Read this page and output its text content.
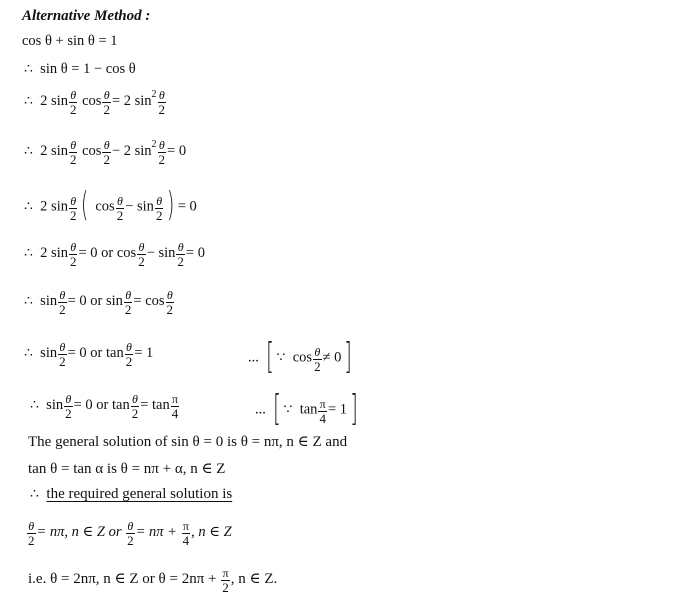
Alternative Method :
cos θ + sin θ = 1
∴ sin θ = 1 − cos θ
∴ 2 $\sin \frac{\theta}{2}$ $\cos \frac{\theta}{2} = 2$ $\sin^2 \frac{\theta}{2}$
∴ 2 $\sin \frac{\theta}{2}$ $\cos \frac{\theta}{2} - 2$ $\sin^2 \frac{\theta}{2} = 0$
∴ 2 $\sin \frac{\theta}{2}$ ( $\cos \frac{\theta}{2} - \sin \frac{\theta}{2}$ ) = 0
∴ 2 $\sin \frac{\theta}{2} = 0$ or $\cos \frac{\theta}{2} - \sin \frac{\theta}{2} = 0$
∴ $\sin \frac{\theta}{2} = 0$ or $\sin \frac{\theta}{2} = \cos \frac{\theta}{2}$
∴ $\sin \frac{\theta}{2} = 0$ or $\tan \frac{\theta}{2} = 1$	... [ ∵ $\cos \frac{\theta}{2} \ne 0$]
∴ $\sin \frac{\theta}{2} = 0$ or $\tan \frac{\theta}{2} = \tan \frac{\pi}{4}$	... [ ∵ $\tan \frac{\pi}{4} = 1$]
The general solution of sin θ = 0 is θ = nπ, n ∈ Z and
tan θ = tan α is θ = nπ + α, n ∈ Z
∴ the required general solution is
$\frac{\theta}{2} = n\pi$, n ∈ Z or $\frac{\theta}{2} = n\pi + \frac{\pi}{4}$ , n ∈ Z
i.e. θ = 2nπ, n ∈ Z or $\theta = 2n\pi + \frac{\pi}{2}$ , n ∈ Z.
